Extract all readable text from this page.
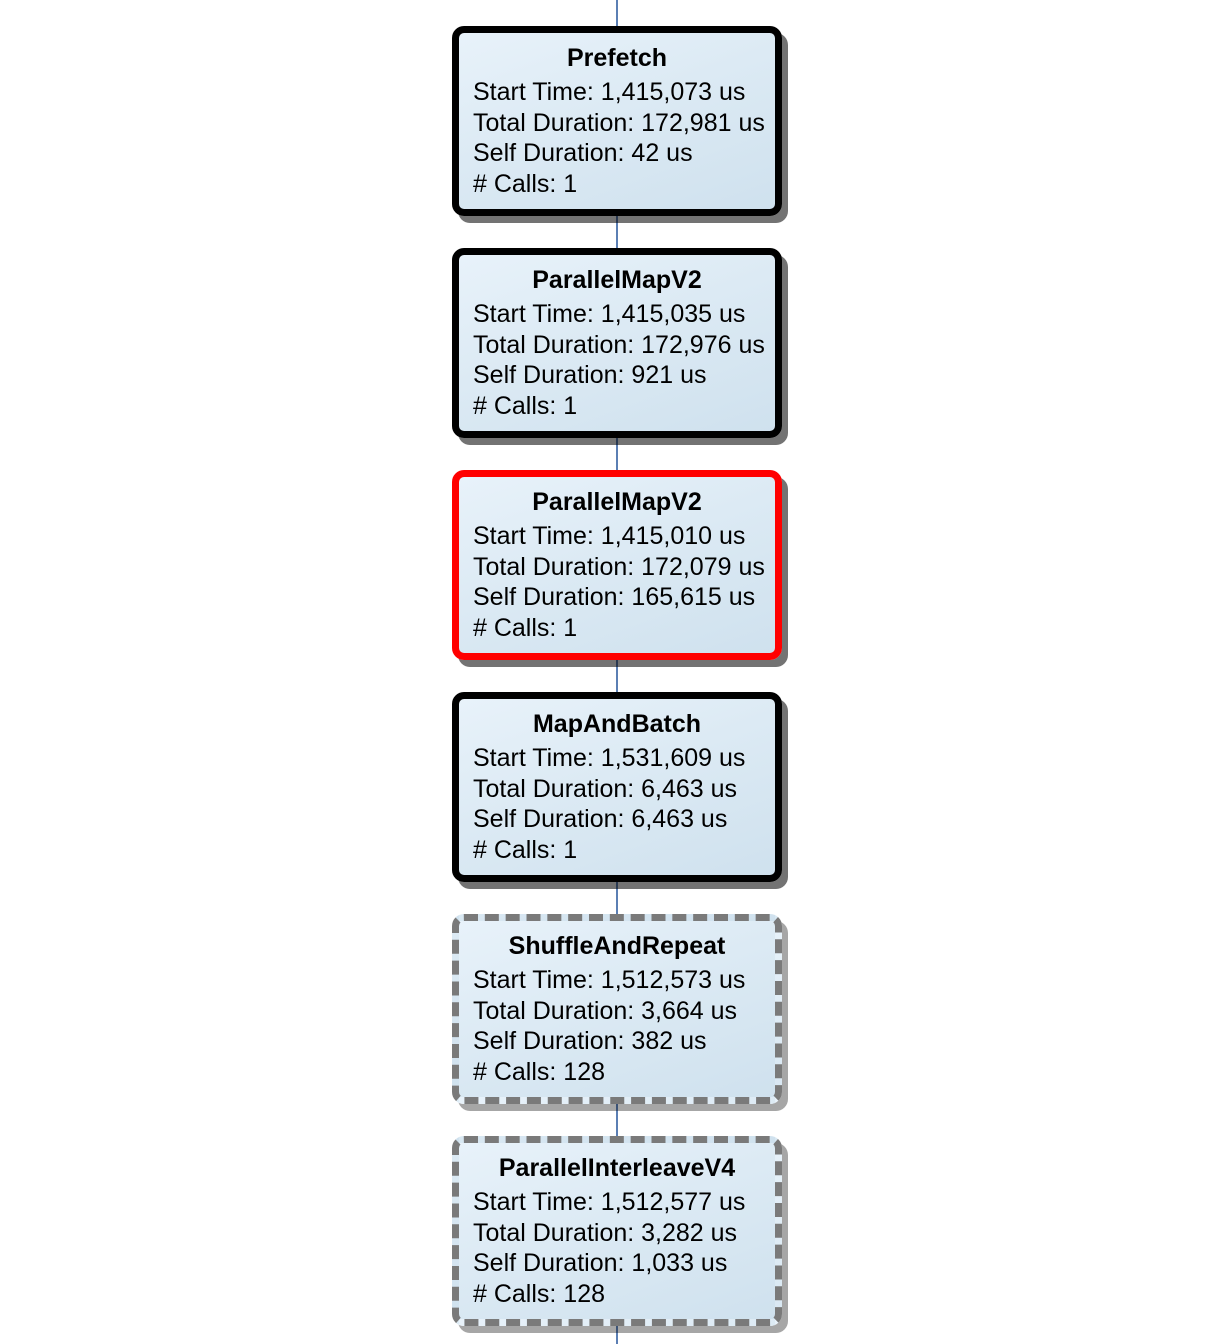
Prefetch
Start Time: 1,415,073 us
Total Duration: 172,981 us
Self Duration: 42 us
# Calls: 1
ParallelMapV2
Start Time: 1,415,035 us
Total Duration: 172,976 us
Self Duration: 921 us
# Calls: 1
ParallelMapV2
Start Time: 1,415,010 us
Total Duration: 172,079 us
Self Duration: 165,615 us
# Calls: 1
MapAndBatch
Start Time: 1,531,609 us
Total Duration: 6,463 us
Self Duration: 6,463 us
# Calls: 1
ShuffleAndRepeat
Start Time: 1,512,573 us
Total Duration: 3,664 us
Self Duration: 382 us
# Calls: 128
ParallelInterleaveV4
Start Time: 1,512,577 us
Total Duration: 3,282 us
Self Duration: 1,033 us
# Calls: 128
